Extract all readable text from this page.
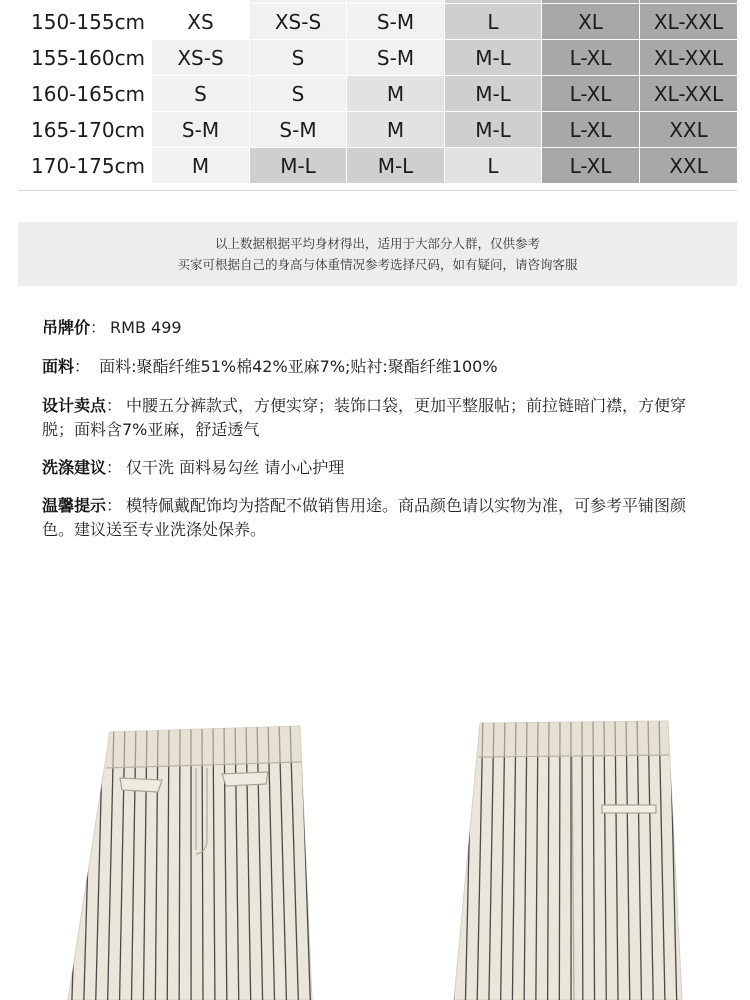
150-155cm	XS	XS-S	S-M	L	XL	XL-XXL
155-160cm	XS-S	S	S-M	M-L	L-XL	XL-XXL
160-165cm	S	S	M	M-L	L-XL	XL-XXL
165-170cm	S-M	S-M	M	M-L	L-XL	XXL
170-175cm	M	M-L	M-L	L	L-XL	XXL
以上数据根据平均身材得出，适用于大部分人群，仅供参考
买家可根据自己的身高与体重情况参考选择尺码，如有疑问，请咨询客服
吊牌价： RMB 499
面料： 面料:聚酯纤维51%棉42%亚麻7%;贴衬:聚酯纤维100%
设计卖点： 中腰五分裤款式，方便实穿；装饰口袋，更加平整服帖；前拉链暗门襟，方便穿脱；面料含7%亚麻，舒适透气
洗涤建议： 仅干洗 面料易勾丝 请小心护理
温馨提示： 模特佩戴配饰均为搭配不做销售用途。商品颜色请以实物为准，可参考平铺图颜色。建议送至专业洗涤处保养。
